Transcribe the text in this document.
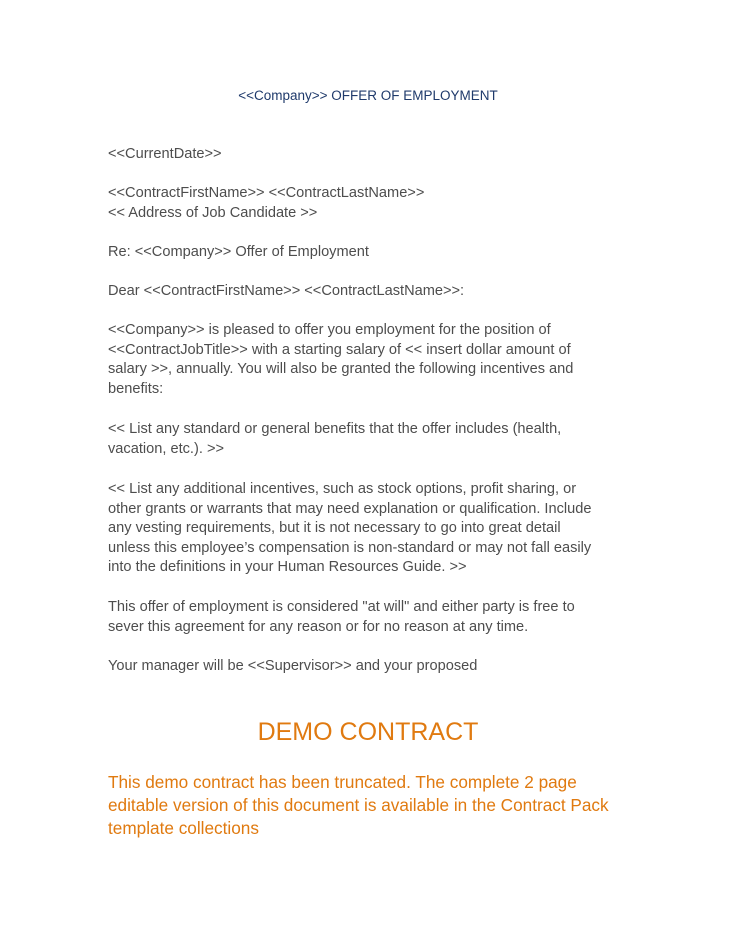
<<Company>> OFFER OF EMPLOYMENT

<<CurrentDate>>

<<ContractFirstName>> <<ContractLastName>>
<< Address of Job Candidate >>

Re: <<Company>> Offer of Employment

Dear <<ContractFirstName>> <<ContractLastName>>:

<<Company>> is pleased to offer you employment for the position of
<<ContractJobTitle>> with a starting salary of << insert dollar amount of
salary >>, annually. You will also be granted the following incentives and
benefits:

<< List any standard or general benefits that the offer includes (health,
vacation, etc.). >>

<< List any additional incentives, such as stock options, profit sharing, or
other grants or warrants that may need explanation or qualification. Include
any vesting requirements, but it is not necessary to go into great detail
unless this employee’s compensation is non-standard or may not fall easily
into the definitions in your Human Resources Guide. >>

This offer of employment is considered "at will" and either party is free to
sever this agreement for any reason or for no reason at any time.

Your manager will be <<Supervisor>> and your proposed

DEMO CONTRACT

This demo contract has been truncated. The complete 2 page
editable version of this document is available in the Contract Pack
template collections
